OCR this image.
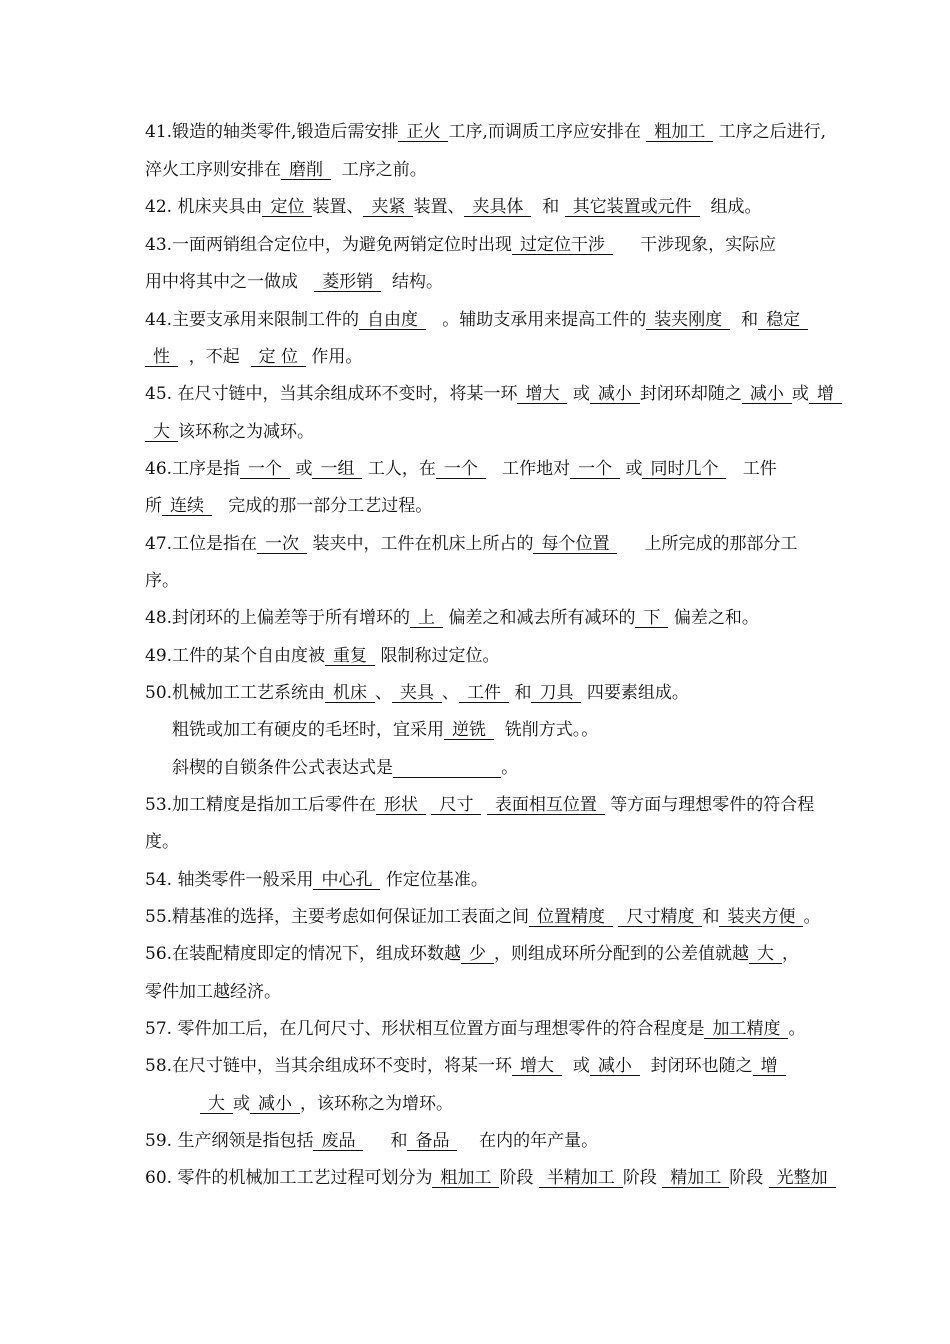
41.锻造的轴类零件,锻造后需安排 正火 工序,而调质工序应安排在 粗加工 工序之后进行,
淬火工序则安排在 磨削  工序之前。
42. 机床夹具由 定位 装置、 夹紧 装置、 夹具体  和 其它装置或元件  组成。
43.一面两销组合定位中，为避免两销定位时出现 过定位干涉     干涉现象，实际应
用中将其中之一做成   菱形销  结构。
44.主要支承用来限制工件的 自由度   。辅助支承用来提高工件的 装夹刚度  和 稳定
性  ，不起  定 位 作用。
45. 在尺寸链中，当其余组成环不变时，将某一环 增大 或 减小 封闭环却随之 减小 或 增
大 该环称之为减环。
46.工序是指 一个 或 一组 工人，在 一个   工作地对 一个 或 同时几个   工件
所 连续   完成的那一部分工艺过程。
47.工位是指在 一次 装夹中，工件在机床上所占的 每个位置     上所完成的那部分工
序。
48.封闭环的上偏差等于所有增环的 上 偏差之和减去所有减环的 下 偏差之和。
49.工件的某个自由度被 重复 限制称过定位。
50.机械加工工艺系统由 机床 、 夹具 、 工件 和 刀具 四要素组成。
粗铣或加工有硬皮的毛坯时，宜采用 逆铣  铣削方式。。
斜楔的自锁条件公式表达式是	。
53.加工精度是指加工后零件在 形状 尺寸 表面相互位置 等方面与理想零件的符合程
度。
54. 轴类零件一般采用 中心孔 作定位基准。
55.精基准的选择，主要考虑如何保证加工表面之间 位置精度 尺寸精度 和 装夹方便 。
56.在装配精度即定的情况下，组成环数越 少 ，则组成环所分配到的公差值就越 大 ，
零件加工越经济。
57. 零件加工后，在几何尺寸、形状相互位置方面与理想零件的符合程度是 加工精度 。
58.在尺寸链中，当其余组成环不变时，将某一环 增大  或 减小  封闭环也随之 增
大 或 减小 ，该环称之为增环。
59. 生产纲领是指包括 废品     和 备品    在内的年产量。
60. 零件的机械加工工艺过程可划分为 粗加工 阶段 半精加工 阶段 精加工 阶段 光整加
